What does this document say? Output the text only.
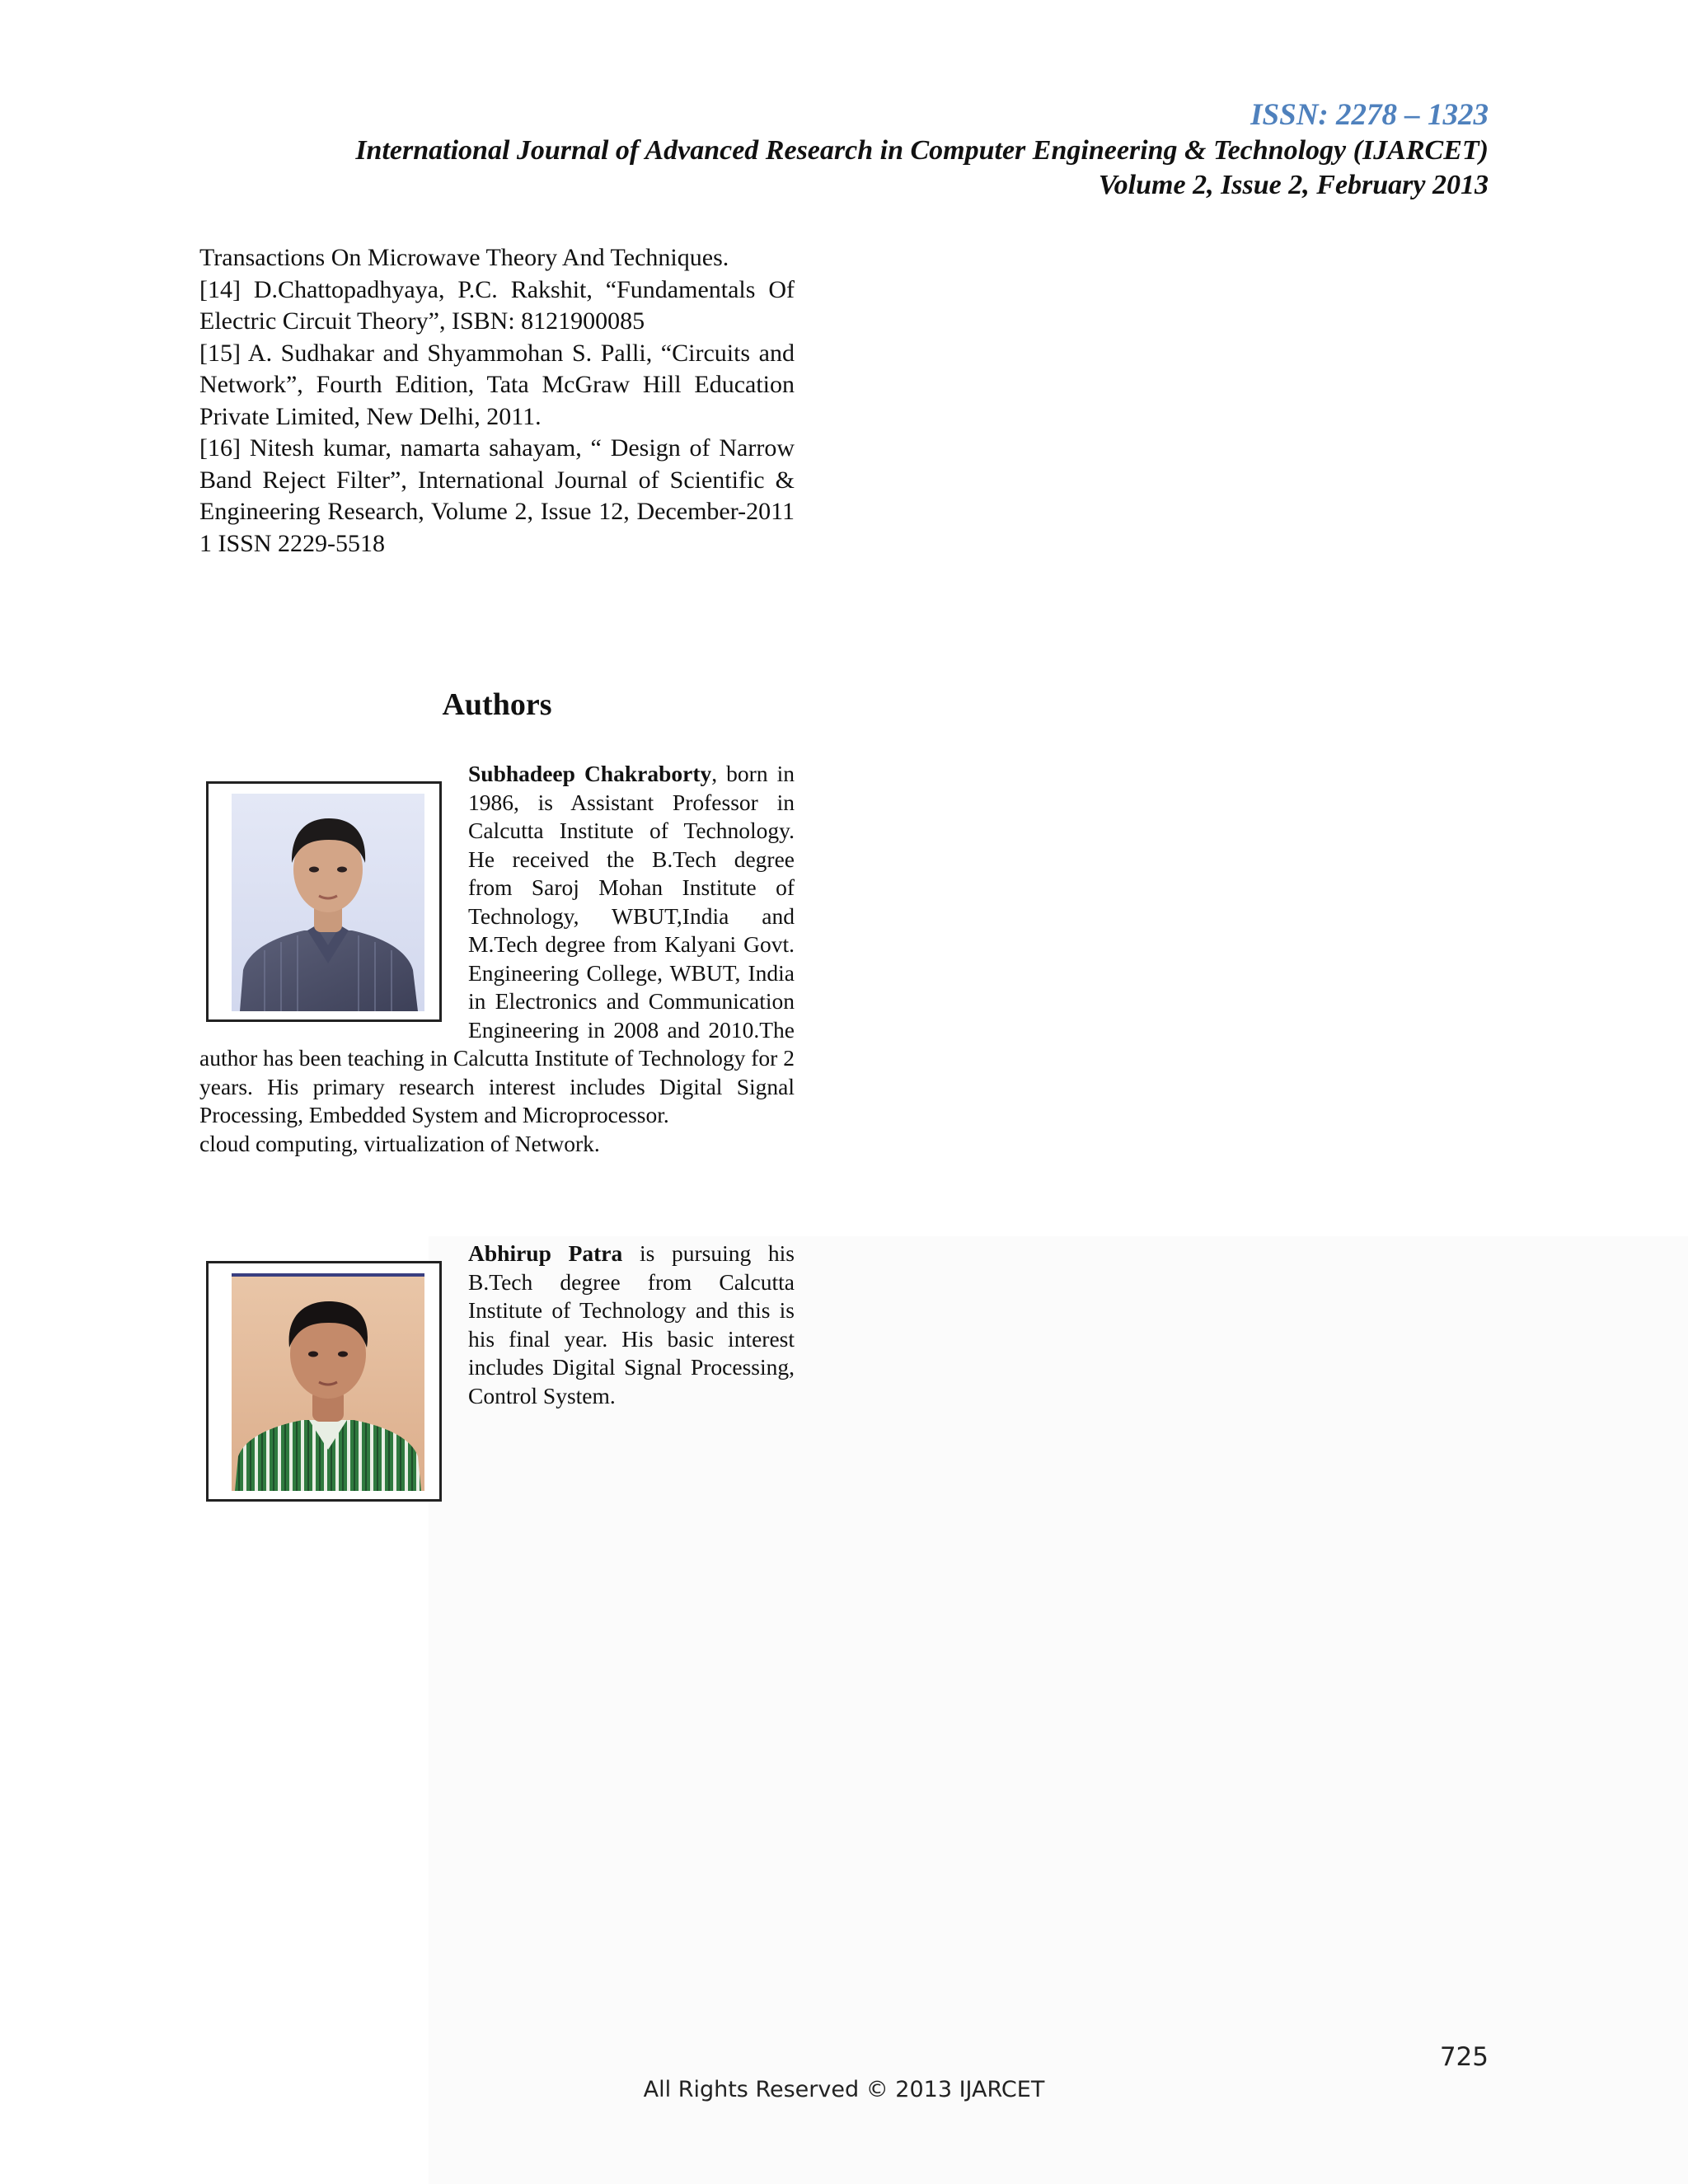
ISSN: 2278 – 1323
International Journal of Advanced Research in Computer Engineering & Technology (IJARCET)
Volume 2, Issue 2, February 2013

Transactions On Microwave Theory And Techniques.

[14] D.Chattopadhyaya, P.C. Rakshit, “Fundamentals Of Electric Circuit Theory”, ISBN: 8121900085

[15] A. Sudhakar and Shyammohan S. Palli, “Circuits and Network”, Fourth Edition, Tata McGraw Hill Education Private Limited, New Delhi, 2011.

[16] Nitesh kumar, namarta sahayam, “ Design of Narrow Band Reject Filter”, International Journal of Scientific & Engineering Research, Volume 2, Issue 12, December-2011 1 ISSN 2229-5518

Authors
Subhadeep Chakraborty, born in 1986, is Assistant Professor in Calcutta Institute of Technology. He received the B.Tech degree from Saroj Mohan Institute of Technology, WBUT,India and M.Tech degree from Kalyani Govt. Engineering College, WBUT, India in Electronics and Communication Engineering in 2008 and 2010.The author has been teaching in Calcutta Institute of Technology for 2 years. His primary research interest includes Digital Signal Processing, Embedded System and Microprocessor.
cloud computing, virtualization of Network.
Abhirup Patra is pursuing his B.Tech degree from Calcutta Institute of Technology and this is his final year. His basic interest includes Digital Signal Processing, Control System.
725
All Rights Reserved © 2013 IJARCET
